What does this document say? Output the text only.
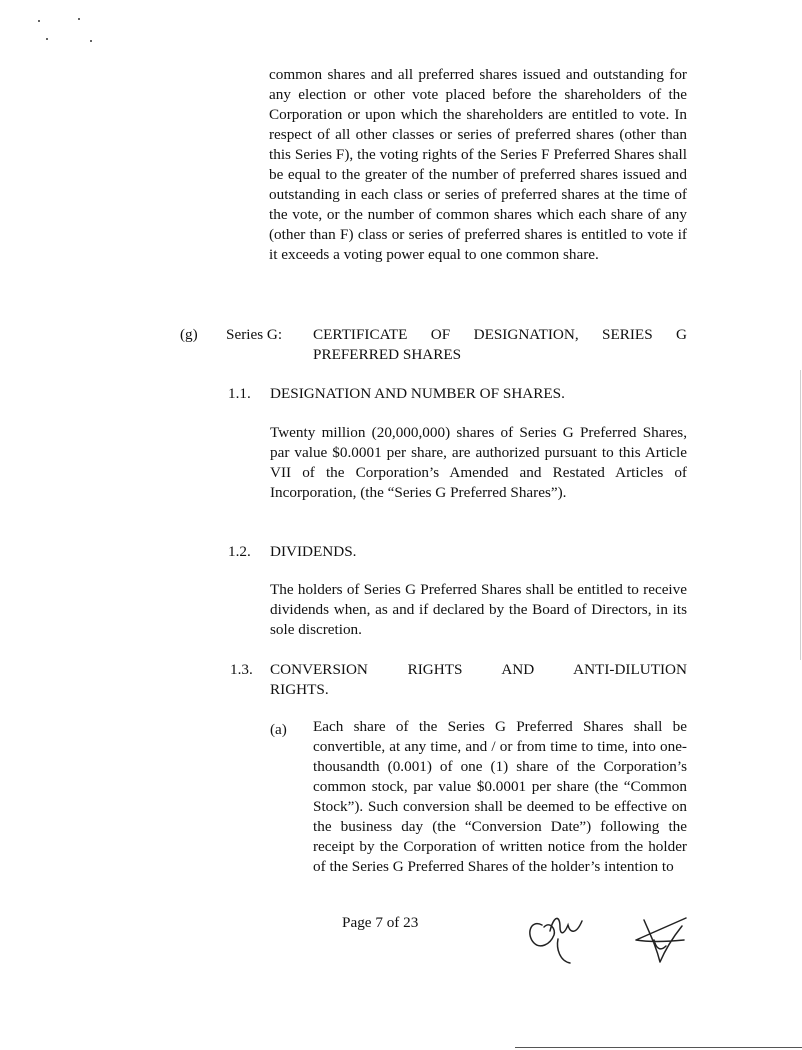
common shares and all preferred shares issued and outstanding for any election or other vote placed before the shareholders of the Corporation or upon which the shareholders are entitled to vote. In respect of all other classes or series of preferred shares (other than this Series F), the voting rights of the Series F Preferred Shares shall be equal to the greater of the number of preferred shares issued and outstanding in each class or series of preferred shares at the time of the vote, or the number of common shares which each share of any (other than F) class or series of preferred shares is entitled to vote if it exceeds a voting power equal to one common share.

(g) Series G: CERTIFICATE OF DESIGNATION, SERIES G
PREFERRED SHARES
1.1. DESIGNATION AND NUMBER OF SHARES.

Twenty million (20,000,000) shares of Series G Preferred Shares, par value $0.0001 per share, are authorized pursuant to this Article VII of the Corporation’s Amended and Restated Articles of Incorporation, (the “Series G Preferred Shares”).

1.2. DIVIDENDS.

The holders of Series G Preferred Shares shall be entitled to receive dividends when, as and if declared by the Board of Directors, in its sole discretion.

1.3. CONVERSION RIGHTS AND ANTI-DILUTION
RIGHTS.
(a) Each share of the Series G Preferred Shares shall be convertible, at any time, and / or from time to time, into one-thousandth (0.001) of one (1) share of the Corporation’s common stock, par value $0.0001 per share (the “Common Stock”). Such conversion shall be deemed to be effective on the business day (the “Conversion Date”) following the receipt by the Corporation of written notice from the holder of the Series G Preferred Shares of the holder’s intention to

Page 7 of 23
